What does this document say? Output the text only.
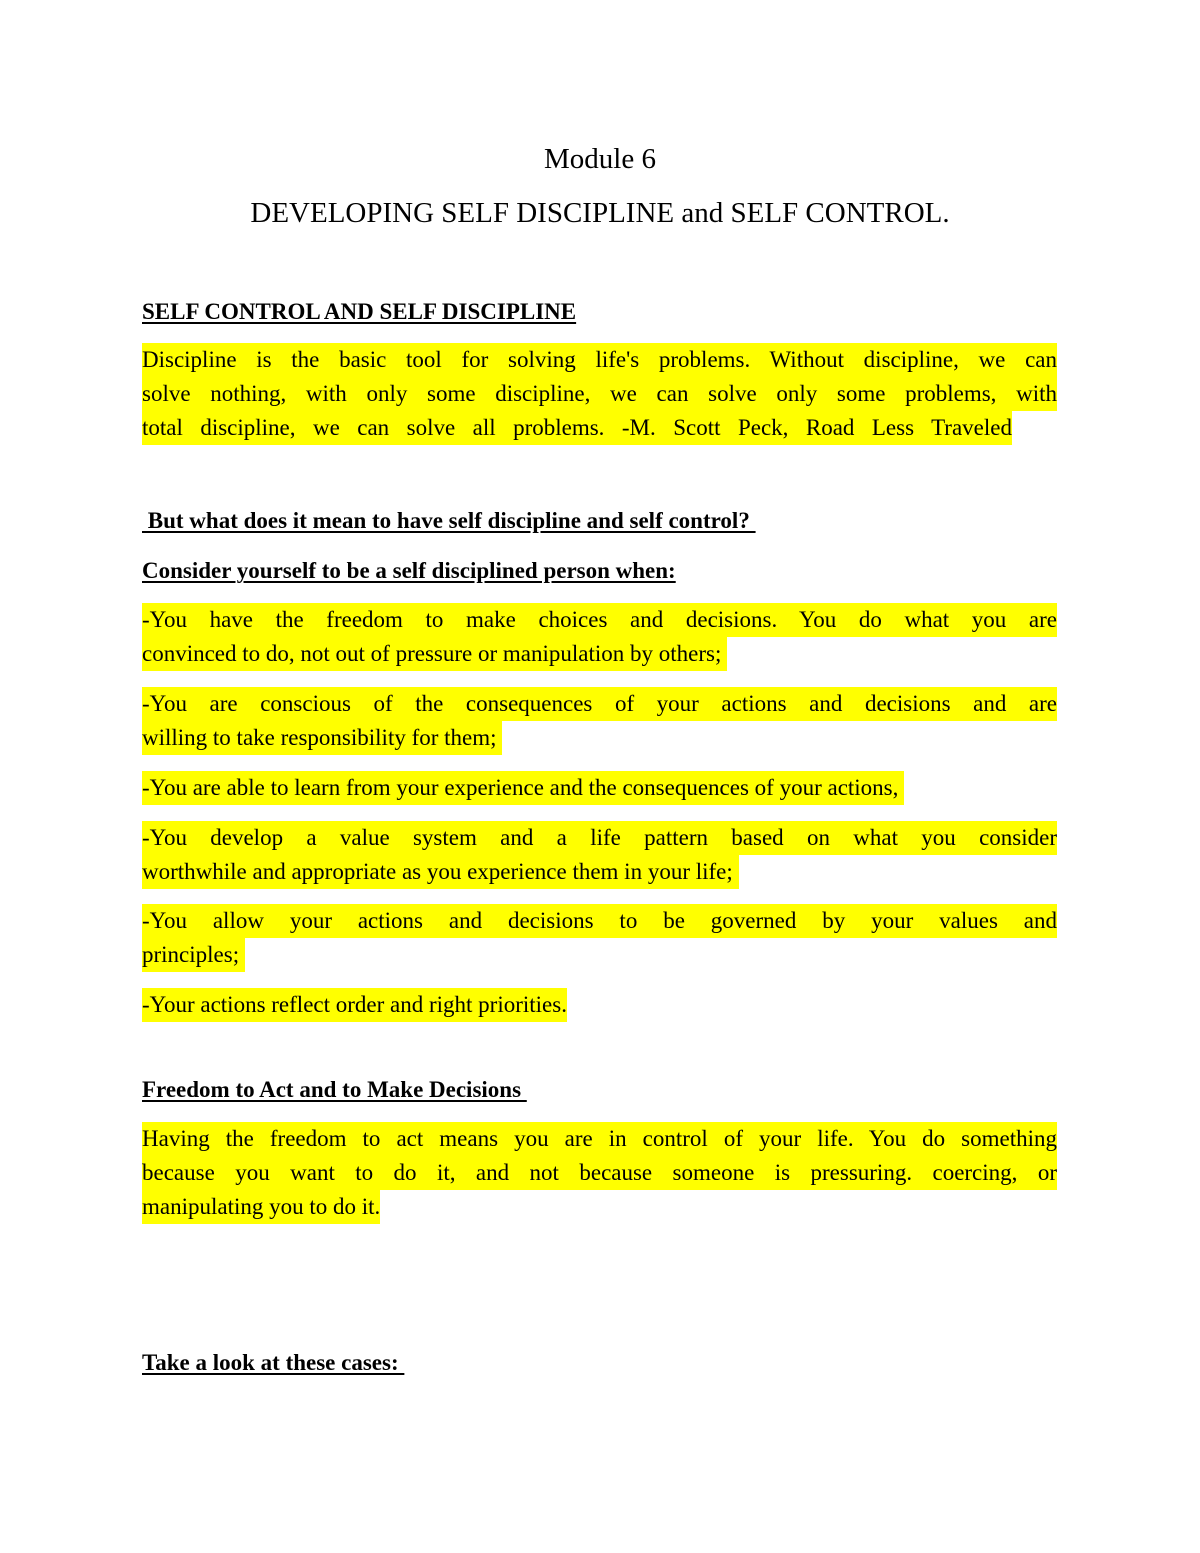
Module 6
DEVELOPING SELF DISCIPLINE and SELF CONTROL.
SELF CONTROL AND SELF DISCIPLINE
Discipline is the basic tool for solving life's problems. Without discipline, we can
solve nothing, with only some discipline, we can solve only some problems, with
total discipline, we can solve all problems. -M. Scott Peck, Road Less Traveled
But what does it mean to have self discipline and self control?
Consider yourself to be a self disciplined person when:
-You have the freedom to make choices and decisions. You do what you are
convinced to do, not out of pressure or manipulation by others;
-You are conscious of the consequences of your actions and decisions and are
willing to take responsibility for them;
-You are able to learn from your experience and the consequences of your actions,
-You develop a value system and a life pattern based on what you consider
worthwhile and appropriate as you experience them in your life;
-You allow your actions and decisions to be governed by your values and
principles;
-Your actions reflect order and right priorities.
Freedom to Act and to Make Decisions
Having the freedom to act means you are in control of your life. You do something
because you want to do it, and not because someone is pressuring. coercing, or
manipulating you to do it.
Take a look at these cases:
